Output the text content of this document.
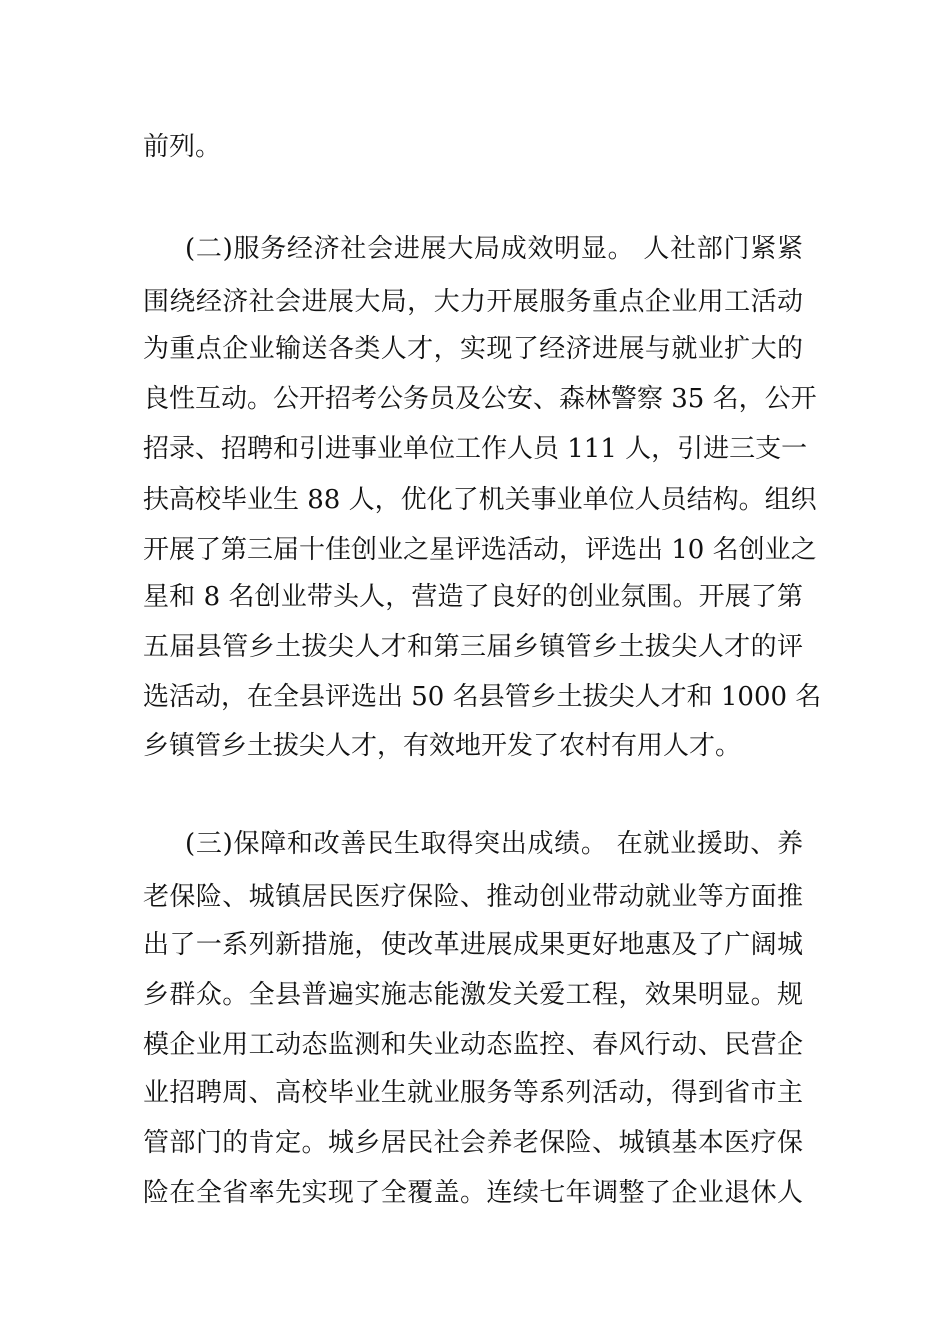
前列。
(二)服务经济社会进展大局成效明显。 人社部门紧紧
围绕经济社会进展大局，大力开展服务重点企业用工活动
为重点企业输送各类人才，实现了经济进展与就业扩大的
良性互动。公开招考公务员及公安、森林警察 35 名，公开
招录、招聘和引进事业单位工作人员 111 人，引进三支一
扶高校毕业生 88 人，优化了机关事业单位人员结构。组织
开展了第三届十佳创业之星评选活动，评选出 10 名创业之
星和 8 名创业带头人，营造了良好的创业氛围。开展了第
五届县管乡土拔尖人才和第三届乡镇管乡土拔尖人才的评
选活动，在全县评选出 50 名县管乡土拔尖人才和 1000 名
乡镇管乡土拔尖人才，有效地开发了农村有用人才。
(三)保障和改善民生取得突出成绩。 在就业援助、养
老保险、城镇居民医疗保险、推动创业带动就业等方面推
出了一系列新措施，使改革进展成果更好地惠及了广阔城
乡群众。全县普遍实施志能激发关爱工程，效果明显。规
模企业用工动态监测和失业动态监控、春风行动、民营企
业招聘周、高校毕业生就业服务等系列活动，得到省市主
管部门的肯定。城乡居民社会养老保险、城镇基本医疗保
险在全省率先实现了全覆盖。连续七年调整了企业退休人
